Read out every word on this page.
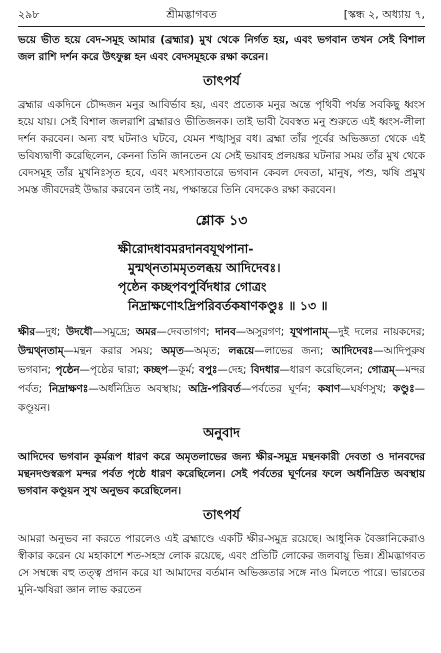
২৯৮	শ্রীমদ্ভাগবত	[স্কন্ধ ২, অধ্যায় ৭,

ভয়ে ভীত হয়ে বেদ-সমূহ আমার (ব্রহ্মার) মুখ থেকে নির্গত হয়, এবং ভগবান তখন সেই বিশাল জল রাশি দর্শন করে উৎফুল্ল হন এবং বেদসমূহকে রক্ষা করেন।

তাৎপর্য

ব্রহ্মার একদিনে চৌদ্দজন মনুর আবির্ভাব হয়, এবং প্রত্যেক মনুর অন্তে পৃথিবী পর্যন্ত সবকিছু ধ্বংস হয়ে যায়। সেই বিশাল জলরাশি ব্রহ্মারও ভীতিজনক। তাই ভাবী বৈবস্বত মনু শুরুতে এই ধ্বংস-লীলা দর্শন করবেন। অন্য বহু ঘটনাও ঘটবে, যেমন শঙ্খাসুর বধ। ব্রহ্মা তাঁর পূর্বের অভিজ্ঞতা থেকে এই ভবিষ্যদ্বাণী করেছিলেন, কেননা তিনি জানতেন যে সেই ভয়াবহ প্রলয়ঙ্কর ঘটনার সময় তাঁর মুখ থেকে বেদসমূহ তাঁর মুখনিঃসৃত হবে, এবং মৎস্যাবতারে ভগবান কেবল দেবতা, মানুষ, পশু, ঋষি প্রমুখ সমস্ত জীবদেরই উদ্ধার করবেন তাই নয়, পক্ষান্তরে তিনি বেদকেও রক্ষা করবেন।

শ্লোক ১৩
ক্ষীরোদধাবমরদানবযূথপানা-
মুন্মথ্নতামমৃতলব্ধয় আদিদেবঃ।
পৃষ্ঠেন কচ্ছপবপুর্বিদধার গোত্রং
নিদ্রাক্ষণোঽদ্রিপরিবর্তকষাণকণ্ডুঃ ॥ ১৩ ॥
ক্ষীর—দুধ; উদধৌ—সমুদ্রে; অমর—দেবতাগণ; দানব—অসুরগণ; যূথপানাম্—দুই দলের নায়কদের; উন্মথ্নতাম্—মন্থন করার সময়; অমৃত—অমৃত; লব্ধয়ে—লাভের জন্য; আদিদেবঃ—আদিপুরুষ ভগবান; পৃষ্ঠেন—পৃষ্ঠের দ্বারা; কচ্ছপ—কূর্ম; বপুঃ—দেহ; বিদধার—ধারণ করেছিলেন; গোত্রম্—মন্দর পর্বত; নিদ্রাক্ষণঃ—অর্ধনিদ্রিত অবস্থায়; অদ্রি-পরিবর্ত—পর্বতের ঘূর্ণন; কষাণ—ঘর্ষণসুখ; কণ্ডুঃ—কণ্ডূয়ন।
অনুবাদ

আদিদেব ভগবান কূর্মরূপ ধারণ করে অমৃতলাভের জন্য ক্ষীর-সমুদ্র মন্থনকারী দেবতা ও দানবদের মন্থনদণ্ডস্বরূপ মন্দর পর্বত পৃষ্ঠে ধারণ করেছিলেন। সেই পর্বতের ঘূর্ণনের ফলে অর্ধনিদ্রিত অবস্থায় ভগবান কণ্ডূয়ন সুখ অনুভব করেছিলেন।

তাৎপর্য

আমরা অনুভব না করতে পারলেও এই ব্রহ্মাণ্ডে একটি ক্ষীর-সমুদ্র রয়েছে। আধুনিক বৈজ্ঞানিকেরাও স্বীকার করেন যে মহাকাশে শত-সহস্র লোক রয়েছে, এবং প্রতিটি লোকের জলবায়ু ভিন্ন। শ্রীমদ্ভাগবত সে সম্বন্ধে বহু তত্ত্ব প্রদান করে যা আমাদের বর্তমান অভিজ্ঞতার সঙ্গে নাও মিলতে পারে। ভারতের মুনি-ঋষিরা জ্ঞান লাভ করতেন
